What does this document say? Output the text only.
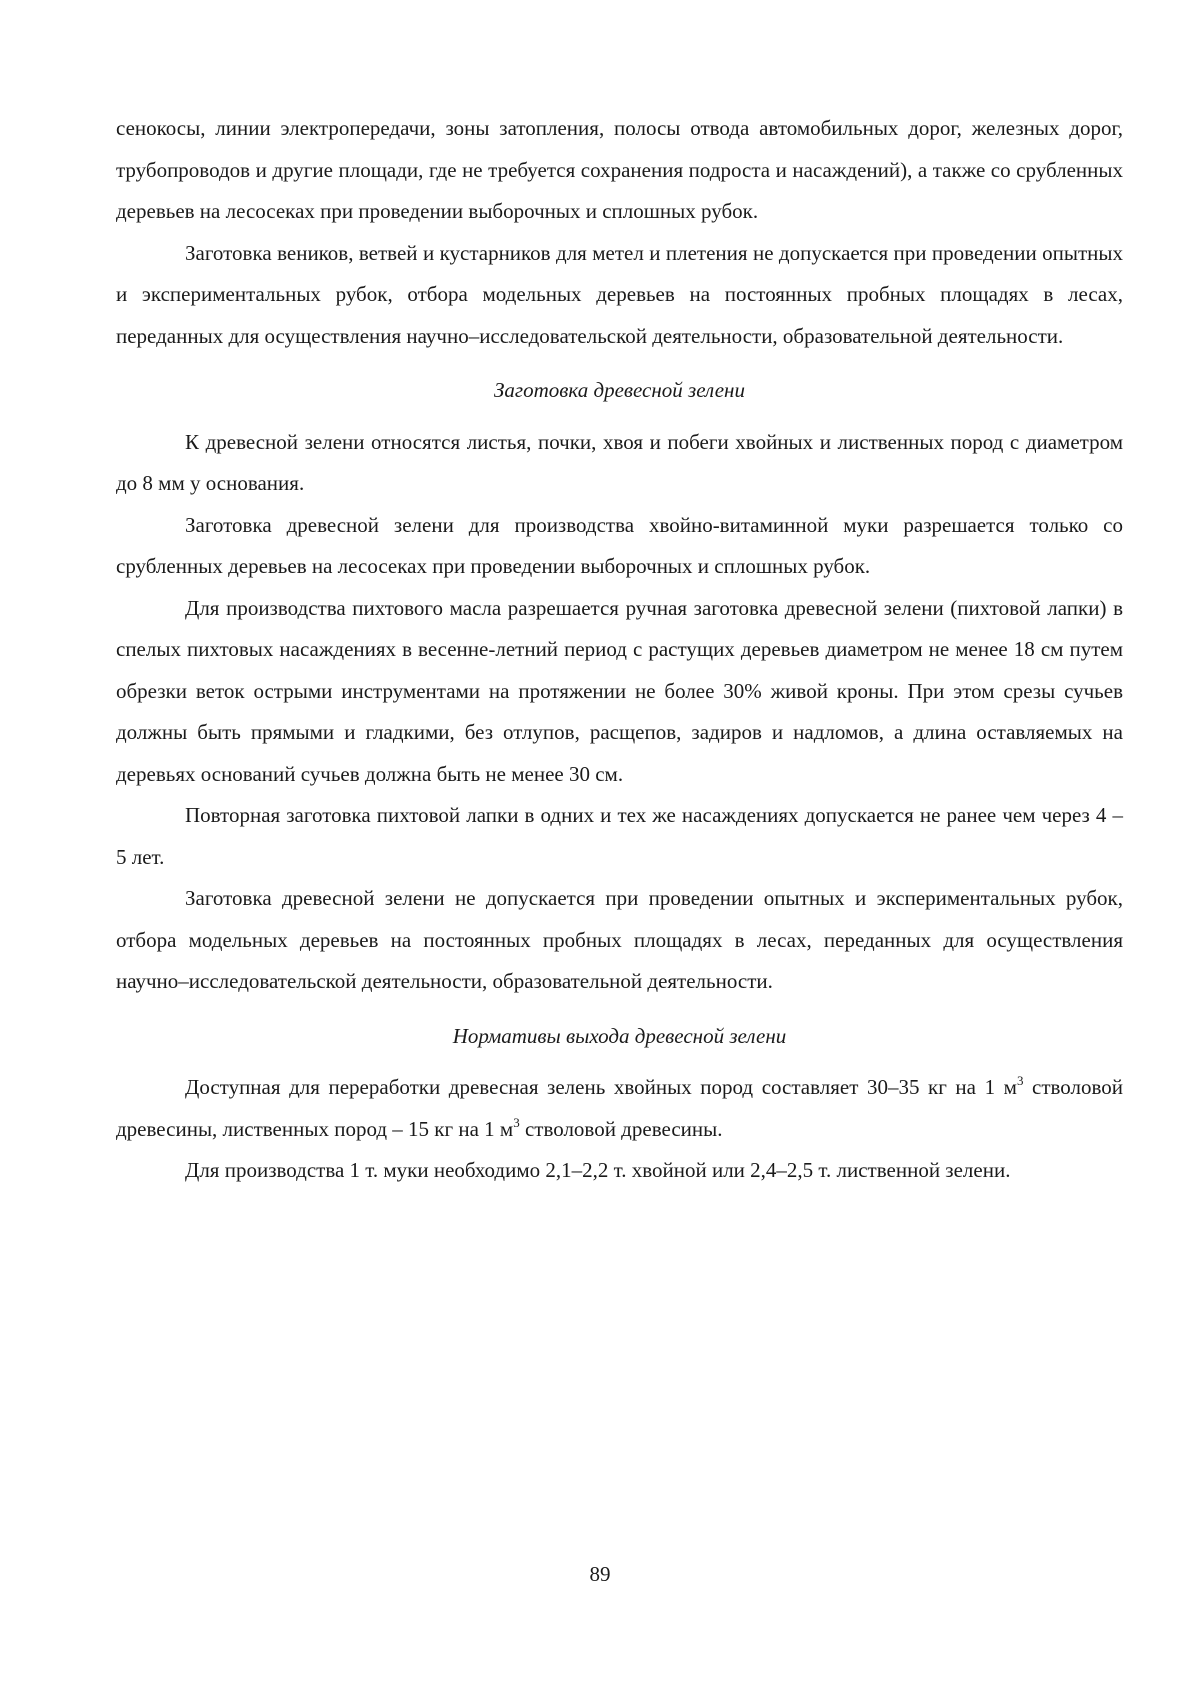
сенокосы, линии электропередачи, зоны затопления, полосы отвода автомобильных дорог, железных дорог, трубопроводов и другие площади, где не требуется сохранения подроста и насаждений), а также со срубленных деревьев на лесосеках при проведении выборочных и сплошных рубок.

Заготовка веников, ветвей и кустарников для метел и плетения не допускается при проведении опытных и экспериментальных рубок, отбора модельных деревьев на постоянных пробных площадях в лесах, переданных для осуществления научно–исследовательской деятельности, образовательной деятельности.

Заготовка древесной зелени

К древесной зелени относятся листья, почки, хвоя и побеги хвойных и лиственных пород с диаметром до 8 мм у основания.

Заготовка древесной зелени для производства хвойно-витаминной муки разрешается только со срубленных деревьев на лесосеках при проведении выборочных и сплошных рубок.

Для производства пихтового масла разрешается ручная заготовка древесной зелени (пихтовой лапки) в спелых пихтовых насаждениях в весенне-летний период с растущих деревьев диаметром не менее 18 см путем обрезки веток острыми инструментами на протяжении не более 30% живой кроны. При этом срезы сучьев должны быть прямыми и гладкими, без отлупов, расщепов, задиров и надломов, а длина оставляемых на деревьях оснований сучьев должна быть не менее 30 см.

Повторная заготовка пихтовой лапки в одних и тех же насаждениях допускается не ранее чем через 4 – 5 лет.

Заготовка древесной зелени не допускается при проведении опытных и экспериментальных рубок, отбора модельных деревьев на постоянных пробных площадях в лесах, переданных для осуществления научно–исследовательской деятельности, образовательной деятельности.

Нормативы выхода древесной зелени

Доступная для переработки древесная зелень хвойных пород составляет 30–35 кг на 1 $м^3$ стволовой древесины, лиственных пород – 15 кг на 1 $м^3$ стволовой древесины.

Для производства 1 т. муки необходимо 2,1–2,2 т. хвойной или 2,4–2,5 т. лиственной зелени.

89
